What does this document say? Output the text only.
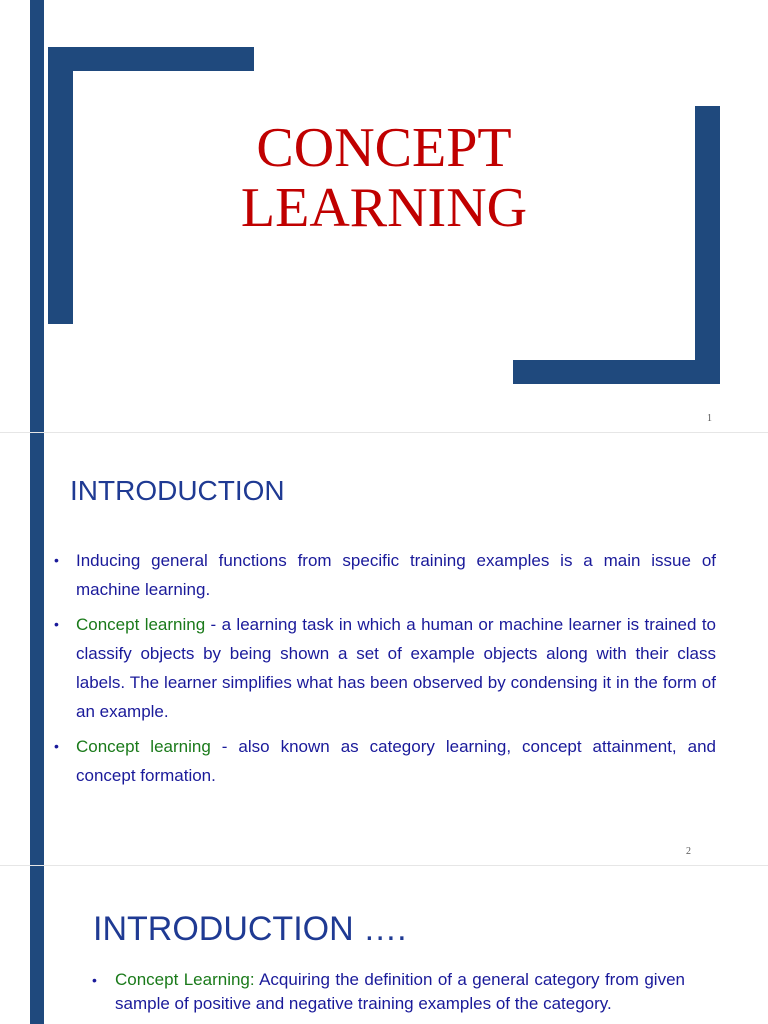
CONCEPT
LEARNING
1
INTRODUCTION
• Inducing general functions from specific training examples is a main issue of machine learning.
• Concept learning - a learning task in which a human or machine learner is trained to classify objects by being shown a set of example objects along with their class labels. The learner simplifies what has been observed by condensing it in the form of an example.
• Concept learning - also known as category learning, concept attainment, and concept formation.
2
INTRODUCTION ….
• Concept Learning: Acquiring the definition of a general category from given sample of positive and negative training examples of the category.
